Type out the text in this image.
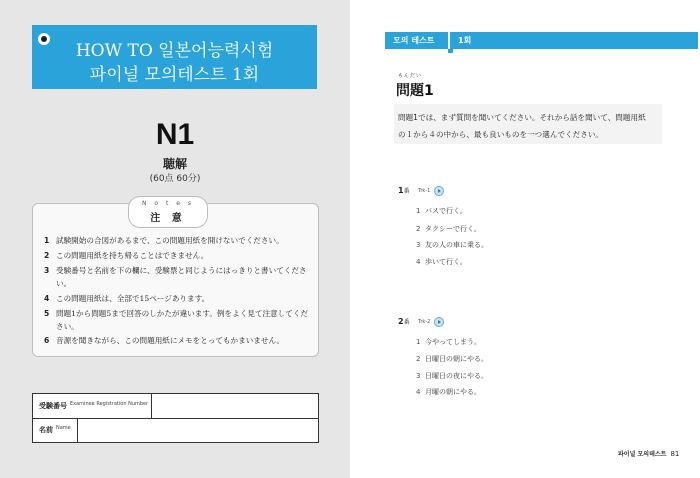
HOW TO 일본어능력시험
파이널 모의테스트 1회
N1
聴解
(60点 60分)
N o t e s
注 意
1 試験開始の合図があるまで、この問題用紙を開けないでください。
2 この問題用紙を持ち帰ることはできません。
3 受験番号と名前を下の欄に、受験票と同じようにはっきりと書いてください。
4 この問題用紙は、全部で15ページあります。
5 問題1から問題5まで回答のしかたが違います。例をよく見て注意してください。
6 音源を聞きながら、この問題用紙にメモをとってもかまいません。
受験番号 $^{Examinee Registration Number}$
名前 $^{Name}$
모의 테스트	1회
もんだい
問題1
問題1では、まず質問を聞いてください。それから話を聞いて、問題用紙
の１から４の中から、最も良いものを一つ選んでください。
1番 Trk-1
1 バスで行く。
2 タクシーで行く。
3 友の人の車に乗る。
4 歩いて行く。
2番 Trk-2
1 今やってしまう。
2 日曜日の朝にやる。
3 日曜日の夜にやる。
4 月曜の朝にやる。
파이널 모의테스트 81
